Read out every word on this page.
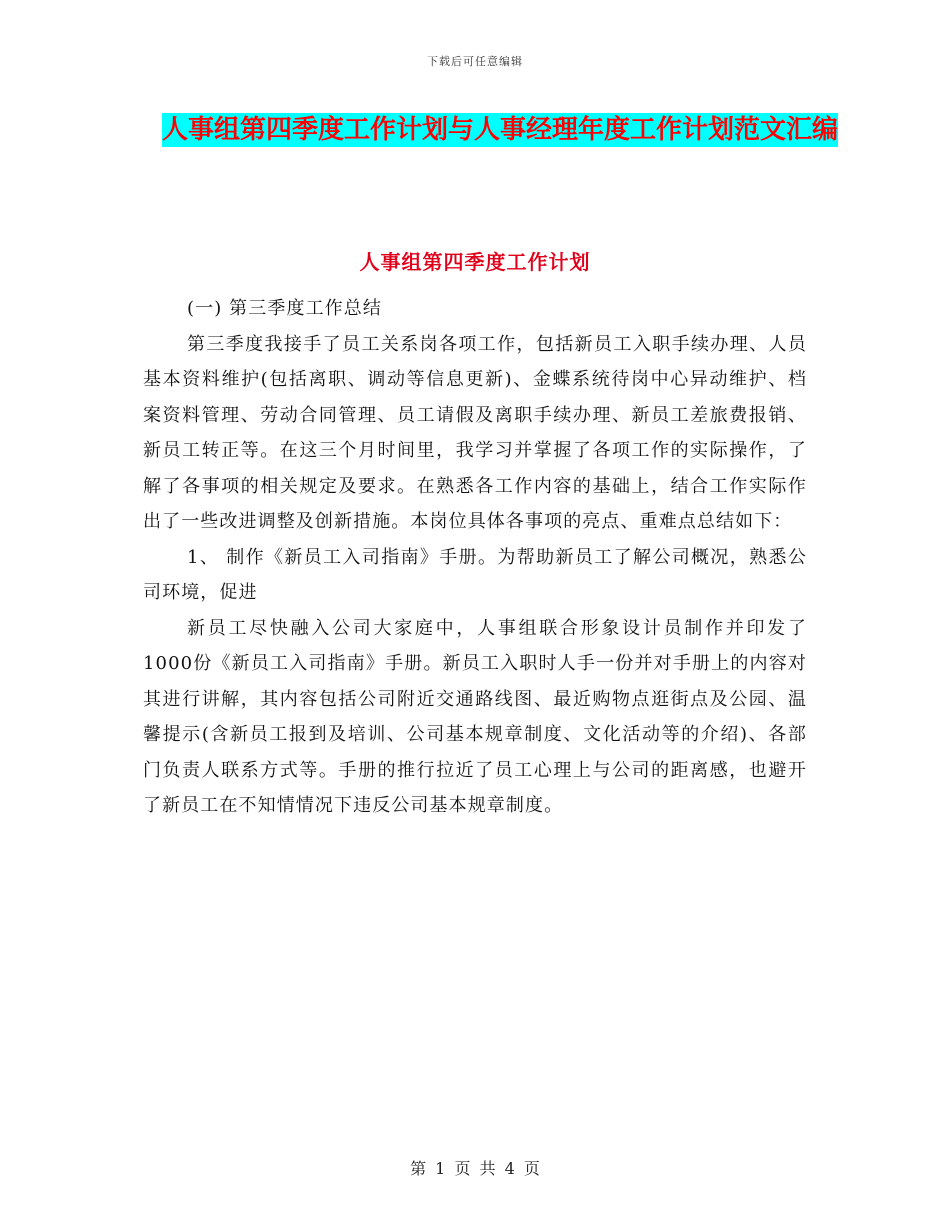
下载后可任意编辑
人事组第四季度工作计划与人事经理年度工作计划范文汇编
人事组第四季度工作计划

(一) 第三季度工作总结

第三季度我接手了员工关系岗各项工作，包括新员工入职手续办理、人员基本资料维护(包括离职、调动等信息更新)、金蝶系统待岗中心异动维护、档案资料管理、劳动合同管理、员工请假及离职手续办理、新员工差旅费报销、新员工转正等。在这三个月时间里，我学习并掌握了各项工作的实际操作，了解了各事项的相关规定及要求。在熟悉各工作内容的基础上，结合工作实际作出了一些改进调整及创新措施。本岗位具体各事项的亮点、重难点总结如下：

1、 制作《新员工入司指南》手册。为帮助新员工了解公司概况，熟悉公司环境，促进

新员工尽快融入公司大家庭中，人事组联合形象设计员制作并印发了1000份《新员工入司指南》手册。新员工入职时人手一份并对手册上的内容对其进行讲解，其内容包括公司附近交通路线图、最近购物点逛街点及公园、温馨提示(含新员工报到及培训、公司基本规章制度、文化活动等的介绍)、各部门负责人联系方式等。手册的推行拉近了员工心理上与公司的距离感，也避开了新员工在不知情情况下违反公司基本规章制度。

第 1 页 共 4 页
